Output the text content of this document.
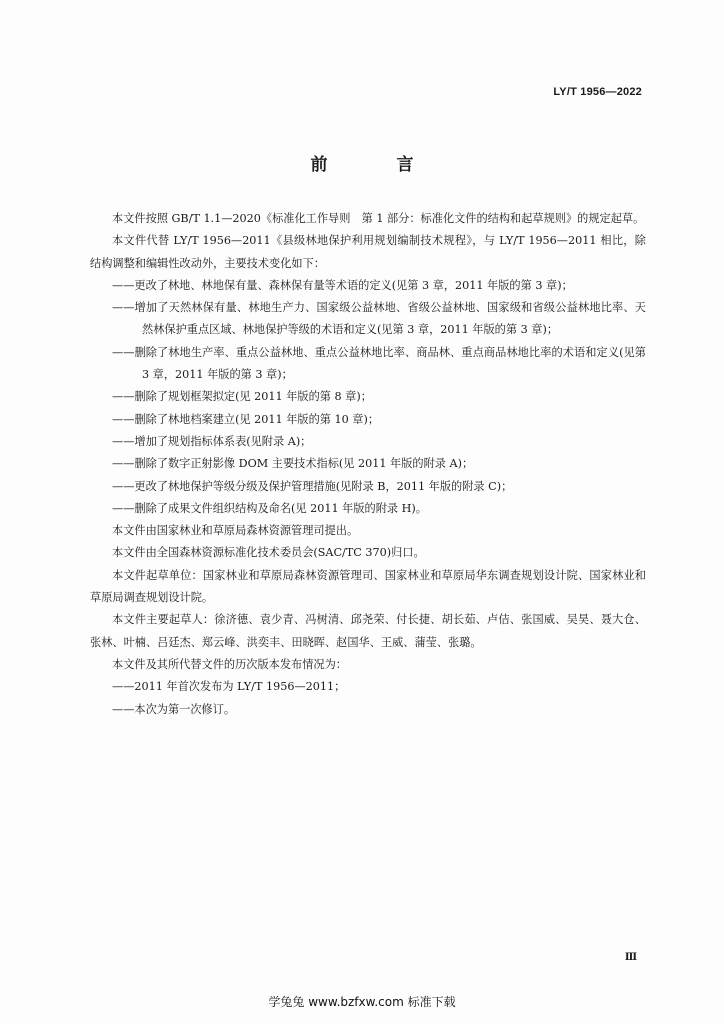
LY/T 1956—2022
前　言

本文件按照 GB/T 1.1—2020《标准化工作导则　第 1 部分：标准化文件的结构和起草规则》的规定起草。

本文件代替 LY/T 1956—2011《县级林地保护利用规划编制技术规程》，与 LY/T 1956—2011 相比，除结构调整和编辑性改动外，主要技术变化如下：

——更改了林地、林地保有量、森林保有量等术语的定义(见第 3 章，2011 年版的第 3 章)；

——增加了天然林保有量、林地生产力、国家级公益林地、省级公益林地、国家级和省级公益林地比率、天然林保护重点区域、林地保护等级的术语和定义(见第 3 章，2011 年版的第 3 章)；

——删除了林地生产率、重点公益林地、重点公益林地比率、商品林、重点商品林地比率的术语和定义(见第 3 章，2011 年版的第 3 章)；

——删除了规划框架拟定(见 2011 年版的第 8 章)；

——删除了林地档案建立(见 2011 年版的第 10 章)；

——增加了规划指标体系表(见附录 A)；

——删除了数字正射影像 DOM 主要技术指标(见 2011 年版的附录 A)；

——更改了林地保护等级分级及保护管理措施(见附录 B，2011 年版的附录 C)；

——删除了成果文件组织结构及命名(见 2011 年版的附录 H)。

本文件由国家林业和草原局森林资源管理司提出。

本文件由全国森林资源标准化技术委员会(SAC/TC 370)归口。

本文件起草单位：国家林业和草原局森林资源管理司、国家林业和草原局华东调查规划设计院、国家林业和草原局调查规划设计院。

本文件主要起草人：徐济德、袁少青、冯树清、邱尧荣、付长捷、胡长茹、卢佶、张国威、吴昊、聂大仓、张林、叶楠、吕廷杰、郑云峰、洪奕丰、田晓晖、赵国华、王威、蒲莹、张璐。

本文件及其所代替文件的历次版本发布情况为：

——2011 年首次发布为 LY/T 1956—2011；

——本次为第一次修订。

Ⅲ
学兔兔 www.bzfxw.com 标准下载
